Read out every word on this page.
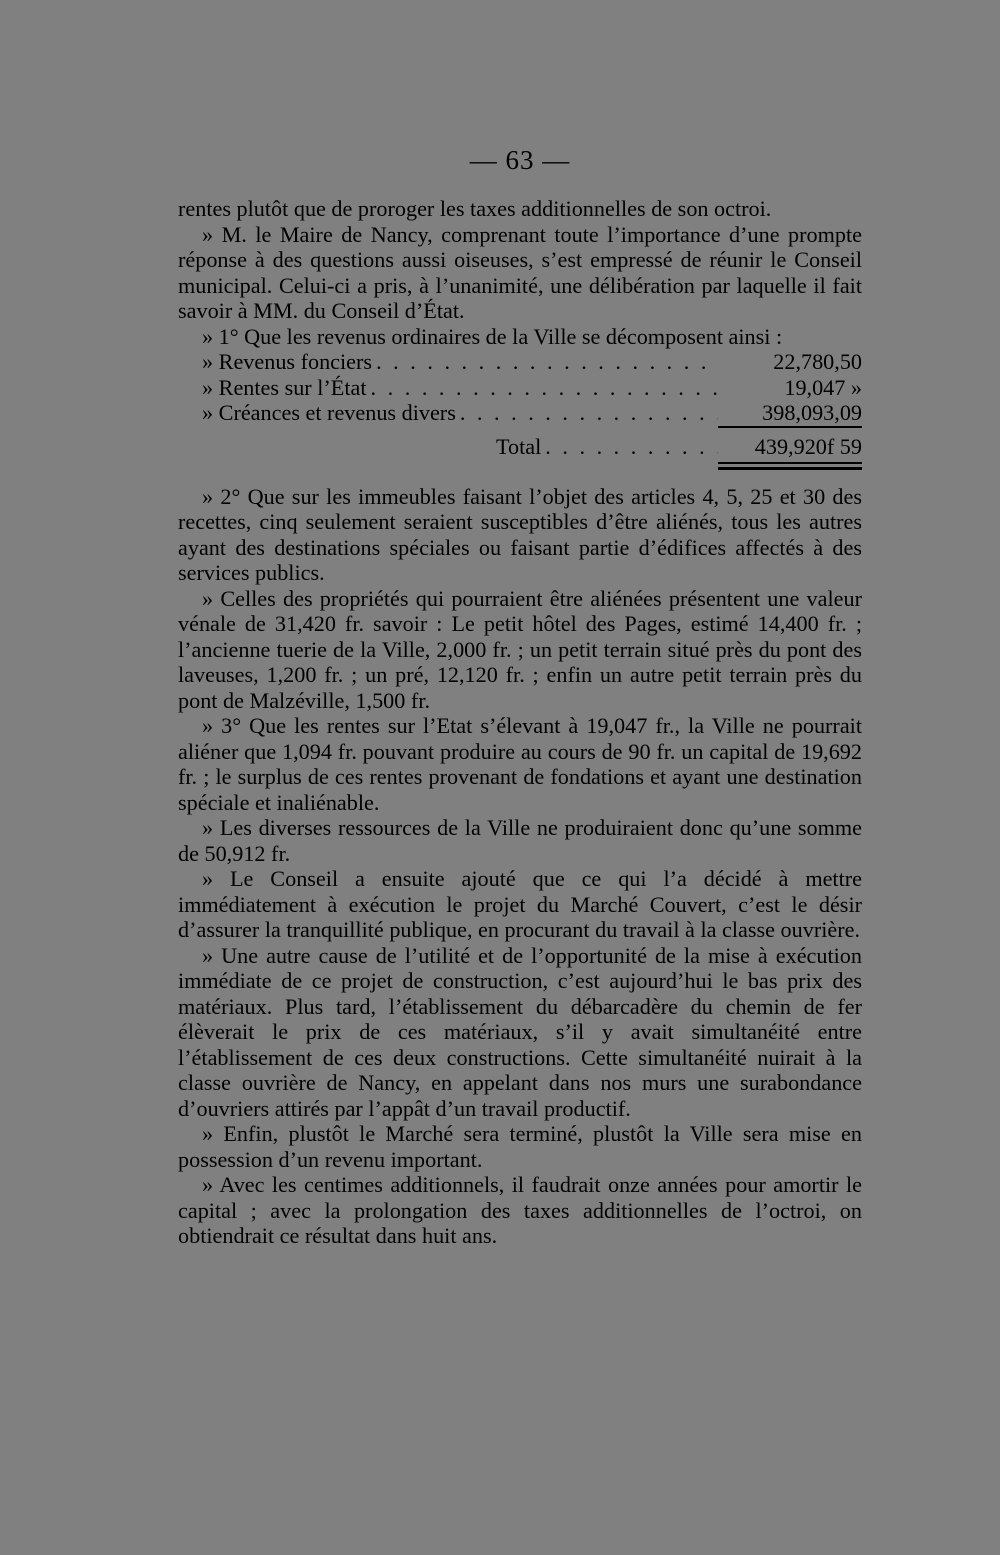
— 63 —

rentes plutôt que de proroger les taxes additionnelles de son octroi.

» M. le Maire de Nancy, comprenant toute l’importance d’une prompte réponse à des questions aussi oiseuses, s’est empressé de réunir le Conseil municipal. Celui-ci a pris, à l’unanimité, une délibération par laquelle il fait savoir à MM. du Conseil d’État.

» 1° Que les revenus ordinaires de la Ville se décomposent ainsi :

» Revenus fonciers . . .	22,780,50
» Rentes sur l’État . . .	19,047 »
» Créances et revenus divers . . .	398,093,09
Total . . .	439,920f 59

» 2° Que sur les immeubles faisant l’objet des articles 4, 5, 25 et 30 des recettes, cinq seulement seraient susceptibles d’être aliénés, tous les autres ayant des destinations spéciales ou faisant partie d’édifices affectés à des services publics.

» Celles des propriétés qui pourraient être aliénées présentent une valeur vénale de 31,420 fr. savoir : Le petit hôtel des Pages, estimé 14,400 fr. ; l’ancienne tuerie de la Ville, 2,000 fr. ; un petit terrain situé près du pont des laveuses, 1,200 fr. ; un pré, 12,120 fr. ; enfin un autre petit terrain près du pont de Malzéville, 1,500 fr.

» 3° Que les rentes sur l’Etat s’élevant à 19,047 fr., la Ville ne pourrait aliéner que 1,094 fr. pouvant produire au cours de 90 fr. un capital de 19,692 fr. ; le surplus de ces rentes provenant de fondations et ayant une destination spéciale et inaliénable.

» Les diverses ressources de la Ville ne produiraient donc qu’une somme de 50,912 fr.

» Le Conseil a ensuite ajouté que ce qui l’a décidé à mettre immédiatement à exécution le projet du Marché Couvert, c’est le désir d’assurer la tranquillité publique, en procurant du travail à la classe ouvrière.

» Une autre cause de l’utilité et de l’opportunité de la mise à exécution immédiate de ce projet de construction, c’est aujourd’hui le bas prix des matériaux. Plus tard, l’établissement du débarcadère du chemin de fer élèverait le prix de ces matériaux, s’il y avait simultanéité entre l’établissement de ces deux constructions. Cette simultanéité nuirait à la classe ouvrière de Nancy, en appelant dans nos murs une surabondance d’ouvriers attirés par l’appât d’un travail productif.

» Enfin, plustôt le Marché sera terminé, plustôt la Ville sera mise en possession d’un revenu important.

» Avec les centimes additionnels, il faudrait onze années pour amortir le capital ; avec la prolongation des taxes additionnelles de l’octroi, on obtiendrait ce résultat dans huit ans.
